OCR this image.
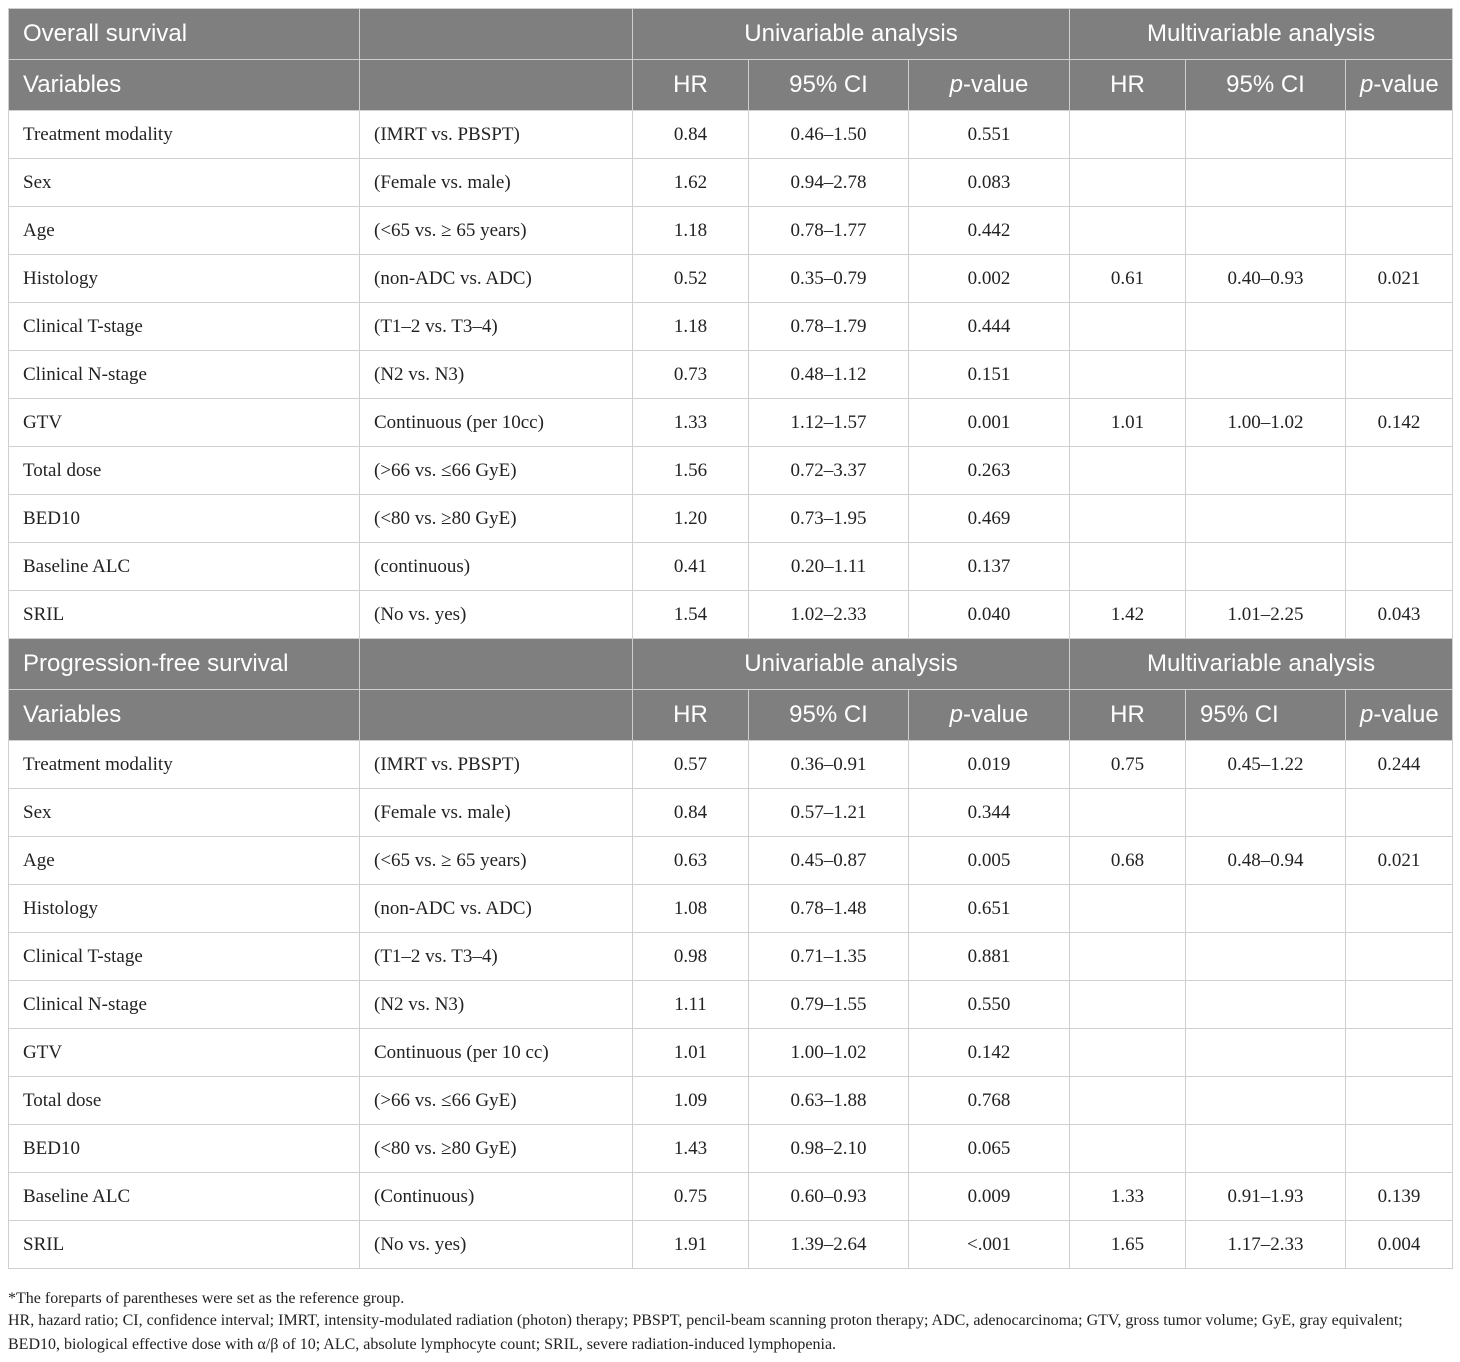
Overall survival		Univariable analysis			Multivariable analysis		
Variables		HR	95% CI	p-value	HR	95% CI	p-value
Treatment modality	(IMRT vs. PBSPT)	0.84	0.46–1.50	0.551			
Sex	(Female vs. male)	1.62	0.94–2.78	0.083			
Age	(<65 vs. ≥ 65 years)	1.18	0.78–1.77	0.442			
Histology	(non-ADC vs. ADC)	0.52	0.35–0.79	0.002	0.61	0.40–0.93	0.021
Clinical T-stage	(T1–2 vs. T3–4)	1.18	0.78–1.79	0.444			
Clinical N-stage	(N2 vs. N3)	0.73	0.48–1.12	0.151			
GTV	Continuous (per 10cc)	1.33	1.12–1.57	0.001	1.01	1.00–1.02	0.142
Total dose	(>66 vs. ≤66 GyE)	1.56	0.72–3.37	0.263			
BED10	(<80 vs. ≥80 GyE)	1.20	0.73–1.95	0.469			
Baseline ALC	(continuous)	0.41	0.20–1.11	0.137			
SRIL	(No vs. yes)	1.54	1.02–2.33	0.040	1.42	1.01–2.25	0.043
Progression-free survival		Univariable analysis			Multivariable analysis		
Variables		HR	95% CI	p-value	HR	95% CI	p-value
Treatment modality	(IMRT vs. PBSPT)	0.57	0.36–0.91	0.019	0.75	0.45–1.22	0.244
Sex	(Female vs. male)	0.84	0.57–1.21	0.344			
Age	(<65 vs. ≥ 65 years)	0.63	0.45–0.87	0.005	0.68	0.48–0.94	0.021
Histology	(non-ADC vs. ADC)	1.08	0.78–1.48	0.651			
Clinical T-stage	(T1–2 vs. T3–4)	0.98	0.71–1.35	0.881			
Clinical N-stage	(N2 vs. N3)	1.11	0.79–1.55	0.550			
GTV	Continuous (per 10 cc)	1.01	1.00–1.02	0.142			
Total dose	(>66 vs. ≤66 GyE)	1.09	0.63–1.88	0.768			
BED10	(<80 vs. ≥80 GyE)	1.43	0.98–2.10	0.065			
Baseline ALC	(Continuous)	0.75	0.60–0.93	0.009	1.33	0.91–1.93	0.139
SRIL	(No vs. yes)	1.91	1.39–2.64	<.001	1.65	1.17–2.33	0.004
*The foreparts of parentheses were set as the reference group.
HR, hazard ratio; CI, confidence interval; IMRT, intensity-modulated radiation (photon) therapy; PBSPT, pencil-beam scanning proton therapy; ADC, adenocarcinoma; GTV, gross tumor volume; GyE, gray equivalent; BED10, biological effective dose with α/β of 10; ALC, absolute lymphocyte count; SRIL, severe radiation-induced lymphopenia.
